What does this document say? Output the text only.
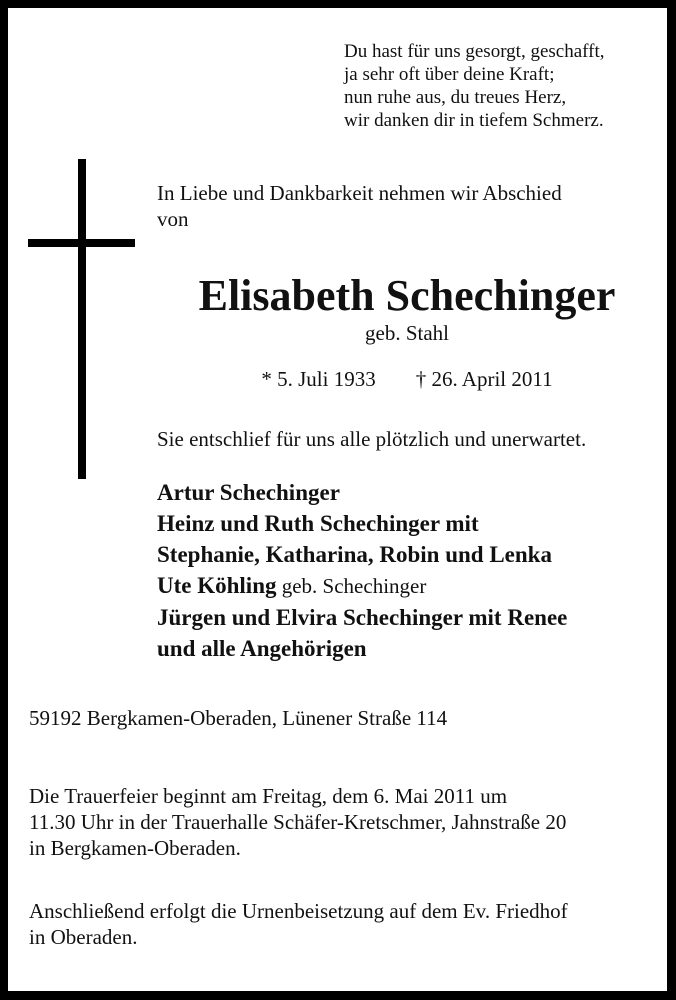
Du hast für uns gesorgt, geschafft,
ja sehr oft über deine Kraft;
nun ruhe aus, du treues Herz,
wir danken dir in tiefem Schmerz.
In Liebe und Dankbarkeit nehmen wir Abschied
von
Elisabeth Schechinger
geb. Stahl
* 5. Juli 1933 † 26. April 2011
Sie entschlief für uns alle plötzlich und unerwartet.
Artur Schechinger
Heinz und Ruth Schechinger mit
Stephanie, Katharina, Robin und Lenka
Ute Köhling geb. Schechinger
Jürgen und Elvira Schechinger mit Renee
und alle Angehörigen
59192 Bergkamen-Oberaden, Lünener Straße 114
Die Trauerfeier beginnt am Freitag, dem 6. Mai 2011 um
11.30 Uhr in der Trauerhalle Schäfer-Kretschmer, Jahnstraße 20
in Bergkamen-Oberaden.
Anschließend erfolgt die Urnenbeisetzung auf dem Ev. Friedhof
in Oberaden.
